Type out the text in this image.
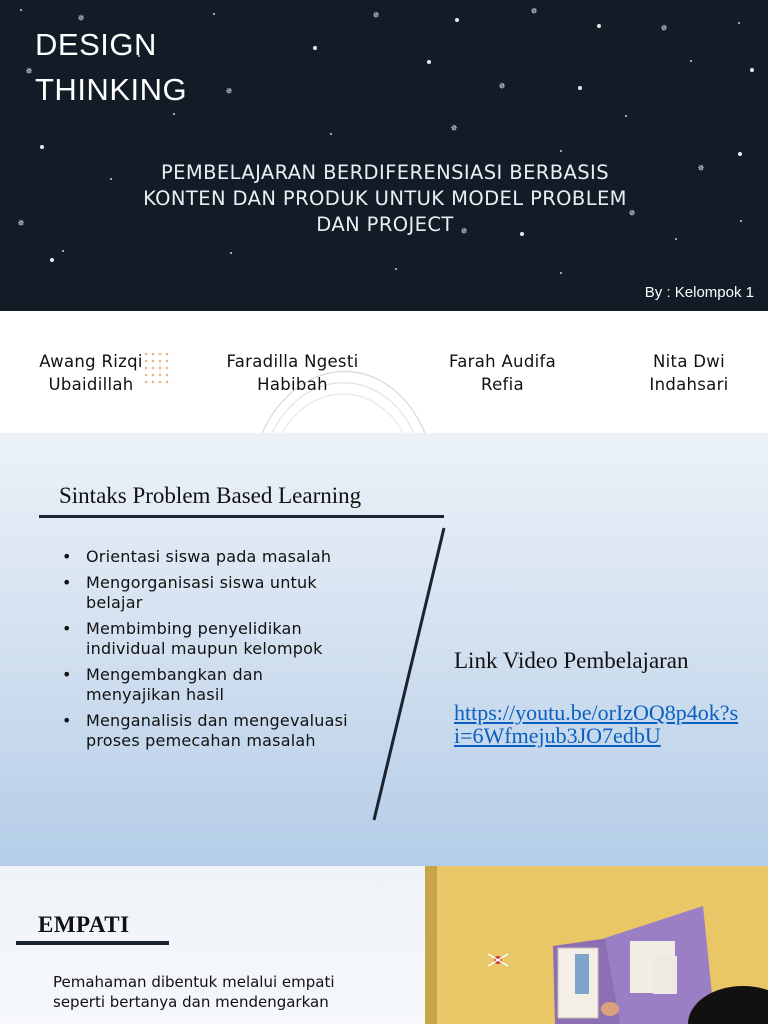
✵	✵	✵
✵
✵
✵	✵
✵
✵
✵
✵
✵
DESIGN
THINKING
PEMBELAJARAN BERDIFERENSIASI BERBASIS
KONTEN DAN PRODUK UNTUK MODEL PROBLEM
DAN PROJECT
By : Kelompok 1
Awang Rizqi
Ubaidillah
Faradilla Ngesti
Habibah
Farah Audifa
Refia
Nita Dwi
Indahsari
Sintaks Problem Based Learning
• Orientasi siswa pada masalah
• Mengorganisasi siswa untuk belajar
• Membimbing penyelidikan individual maupun kelompok
• Mengembangkan dan menyajikan hasil
• Menganalisis dan mengevaluasi proses pemecahan masalah
Link Video Pembelajaran
https://youtu.be/orIzOQ8p4ok?si=6Wfmejub3JO7edbU
EMPATI
Pemahaman dibentuk melalui empati seperti bertanya dan mendengarkan
